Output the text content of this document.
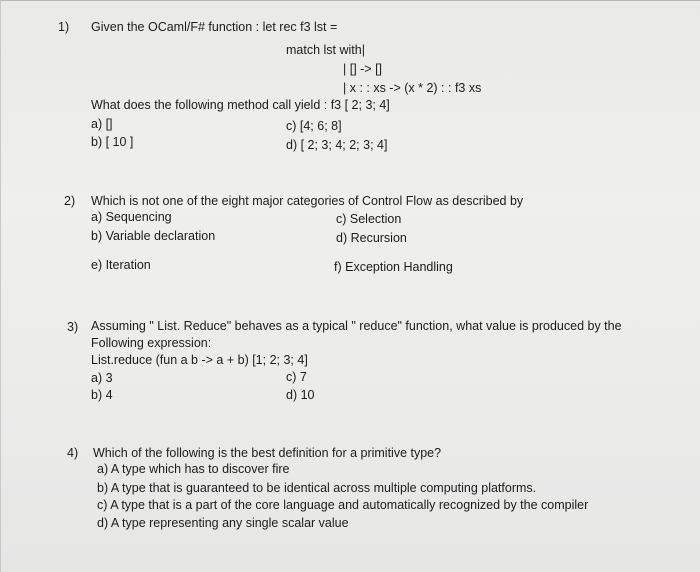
1) Given the OCaml/F# function : let rec f3 lst =
match lst with|
| [] -> []
| x : : xs -> (x * 2) : : f3 xs
What does the following method call yield : f3 [ 2; 3; 4]
a) []	c) [4; 6; 8]
b) [ 10 ]	d) [ 2; 3; 4; 2; 3; 4]
2) Which is not one of the eight major categories of Control Flow as described by
a) Sequencing	c) Selection
b) Variable declaration	d) Recursion
e) Iteration	f) Exception Handling
3) Assuming " List. Reduce" behaves as a typical " reduce" function, what value is produced by the
Following expression:
List.reduce (fun a b -> a + b) [1; 2; 3; 4]
a) 3	c) 7
b) 4	d) 10
4) Which of the following is the best definition for a primitive type?
a) A type which has to discover fire
b) A type that is guaranteed to be identical across multiple computing platforms.
c) A type that is a part of the core language and automatically recognized by the compiler
d) A type representing any single scalar value
